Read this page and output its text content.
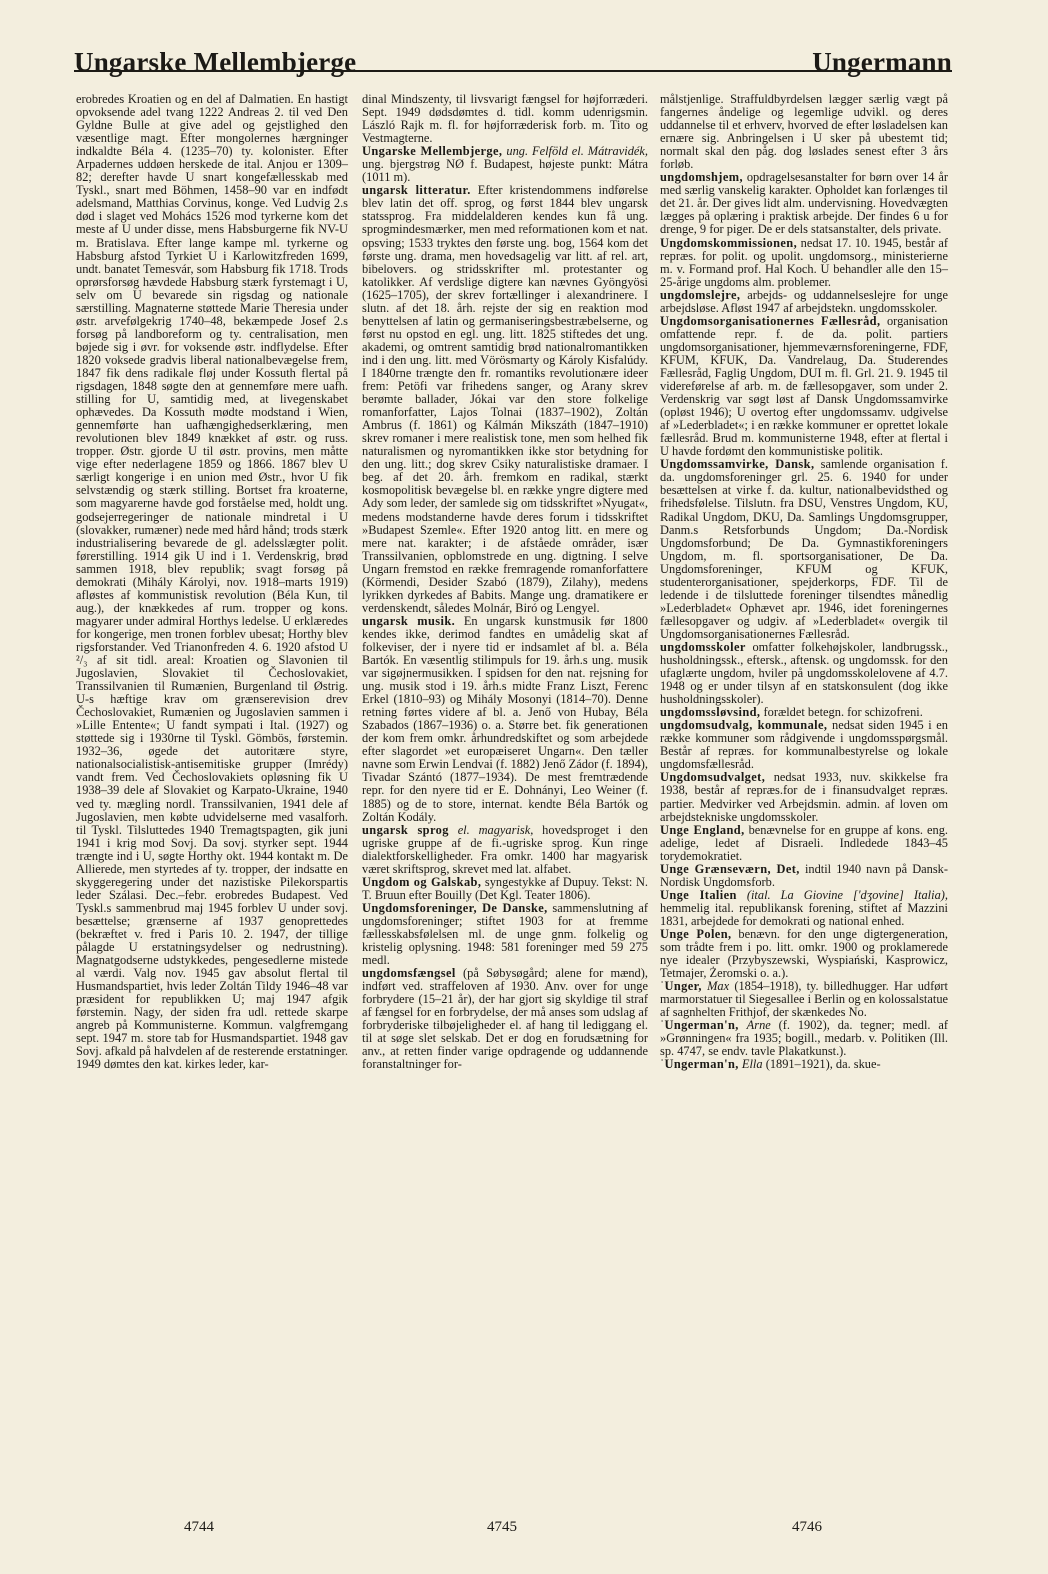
Ungarske Mellembjerge	Ungermann

erobredes Kroatien og en del af Dalmatien. En hastigt opvoksende adel tvang 1222 Andreas 2. til ved Den Gyldne Bulle at give adel og gejstlighed den væsentlige magt. Efter mongolernes hærgninger indkaldte Béla 4. (1235–70) ty. kolonister. Efter Arpadernes uddøen herskede de ital. Anjou er 1309–82; derefter havde U snart kongefællesskab med Tyskl., snart med Böhmen, 1458–90 var en indfødt adelsmand, Matthias Corvinus, konge. Ved Ludvig 2.s død i slaget ved Mohács 1526 mod tyrkerne kom det meste af U under disse, mens Habsburgerne fik NV-U m. Bratislava. Efter lange kampe ml. tyrkerne og Habsburg afstod Tyrkiet U i Karlowitzfreden 1699, undt. banatet Temesvár, som Habsburg fik 1718. Trods oprørsforsøg hævdede Habsburg stærk fyrstemagt i U, selv om U bevarede sin rigsdag og nationale særstilling. Magnaterne støttede Marie Theresia under østr. arvefølgekrig 1740–48, bekæmpede Josef 2.s forsøg på landboreform og ty. centralisation, men bøjede sig i øvr. for voksende østr. indflydelse. Efter 1820 voksede gradvis liberal nationalbevægelse frem, 1847 fik dens radikale fløj under Kossuth flertal på rigsdagen, 1848 søgte den at gennemføre mere uafh. stilling for U, samtidig med, at livegenskabet ophævedes. Da Kossuth mødte modstand i Wien, gennemførte han uafhængighedserklæring, men revolutionen blev 1849 knækket af østr. og russ. tropper. Østr. gjorde U til østr. provins, men måtte vige efter nederlagene 1859 og 1866. 1867 blev U særligt kongerige i en union med Østr., hvor U fik selvstændig og stærk stilling. Bortset fra kroaterne, som magyarerne havde god forståelse med, holdt ung. godsejerregeringer de nationale mindretal i U (slovakker, rumæner) nede med hård hånd; trods stærk industrialisering bevarede de gl. adelsslægter polit. førerstilling. 1914 gik U ind i 1. Verdenskrig, brød sammen 1918, blev republik; svagt forsøg på demokrati (Mihály Károlyi, nov. 1918–marts 1919) afløstes af kommunistisk revolution (Béla Kun, til aug.), der knækkedes af rum. tropper og kons. magyarer under admiral Horthys ledelse. U erklæredes for kongerige, men tronen forblev ubesat; Horthy blev rigsforstander. Ved Trianonfreden 4. 6. 1920 afstod U ²/₃ af sit tidl. areal: Kroatien og Slavonien til Jugoslavien, Slovakiet til Čechoslovakiet, Transsilvanien til Rumænien, Burgenland til Østrig. U-s hæftige krav om grænserevision drev Čechoslovakiet, Rumænien og Jugoslavien sammen i »Lille Entente«; U fandt sympati i Ital. (1927) og støttede sig i 1930rne til Tyskl. Gömbös, førstemin. 1932–36, øgede det autoritære styre, nationalsocialistisk-antisemitiske grupper (Imrédy) vandt frem. Ved Čechoslovakiets opløsning fik U 1938–39 dele af Slovakiet og Karpato-Ukraine, 1940 ved ty. mægling nordl. Transsilvanien, 1941 dele af Jugoslavien, men købte udvidelserne med vasalforh. til Tyskl. Tilsluttedes 1940 Tremagtspagten, gik juni 1941 i krig mod Sovj. Da sovj. styrker sept. 1944 trængte ind i U, søgte Horthy okt. 1944 kontakt m. De Allierede, men styrtedes af ty. tropper, der indsatte en skyggeregering under det nazistiske Pilekorspartis leder Szálasi. Dec.–febr. erobredes Budapest. Ved Tyskl.s sammenbrud maj 1945 forblev U under sovj. besættelse; grænserne af 1937 genoprettedes (bekræftet v. fred i Paris 10. 2. 1947, der tillige pålagde U erstatningsydelser og nedrustning). Magnatgodserne udstykkedes, pengesedlerne mistede al værdi. Valg nov. 1945 gav absolut flertal til Husmandspartiet, hvis leder Zoltán Tildy 1946–48 var præsident for republikken U; maj 1947 afgik førstemin. Nagy, der siden fra udl. rettede skarpe angreb på Kommunisterne. Kommun. valgfremgang sept. 1947 m. store tab for Husmandspartiet. 1948 gav Sovj. afkald på halvdelen af de resterende erstatninger. 1949 dømtes den kat. kirkes leder, kar-

dinal Mindszenty, til livsvarigt fængsel for højforræderi. Sept. 1949 dødsdømtes d. tidl. komm udenrigsmin. László Rajk m. fl. for højforræderisk forb. m. Tito og Vestmagterne.

Ungarske Mellembjerge, ung. Felföld el. Mátravidék, ung. bjergstrøg NØ f. Budapest, højeste punkt: Mátra (1011 m).

ungarsk litteratur. Efter kristendommens indførelse blev latin det off. sprog, og først 1844 blev ungarsk statssprog. Fra middelalderen kendes kun få ung. sprogmindesmærker, men med reformationen kom et nat. opsving; 1533 tryktes den første ung. bog, 1564 kom det første ung. drama, men hovedsagelig var litt. af rel. art, bibelovers. og stridsskrifter ml. protestanter og katolikker. Af verdslige digtere kan nævnes Gyöngyösi (1625–1705), der skrev fortællinger i alexandrinere. I slutn. af det 18. årh. rejste der sig en reaktion mod benyttelsen af latin og germaniseringsbestræbelserne, og først nu opstod en egl. ung. litt. 1825 stiftedes det ung. akademi, og omtrent samtidig brød nationalromantikken ind i den ung. litt. med Vörösmarty og Károly Kisfalúdy. I 1840rne trængte den fr. romantiks revolutionære ideer frem: Petöfi var frihedens sanger, og Arany skrev berømte ballader, Jókai var den store folkelige romanforfatter, Lajos Tolnai (1837–1902), Zoltán Ambrus (f. 1861) og Kálmán Mikszáth (1847–1910) skrev romaner i mere realistisk tone, men som helhed fik naturalismen og nyromantikken ikke stor betydning for den ung. litt.; dog skrev Csiky naturalistiske dramaer. I beg. af det 20. årh. fremkom en radikal, stærkt kosmopolitisk bevægelse bl. en række yngre digtere med Ady som leder, der samlede sig om tidsskriftet »Nyugat«, medens modstanderne havde deres forum i tidsskriftet »Budapest Szemle«. Efter 1920 antog litt. en mere og mere nat. karakter; i de afståede områder, især Transsilvanien, opblomstrede en ung. digtning. I selve Ungarn fremstod en række fremragende romanforfattere (Körmendi, Desider Szabó (1879), Zilahy), medens lyrikken dyrkedes af Babits. Mange ung. dramatikere er verdenskendt, således Molnár, Biró og Lengyel.

ungarsk musik. En ungarsk kunstmusik før 1800 kendes ikke, derimod fandtes en umådelig skat af folkeviser, der i nyere tid er indsamlet af bl. a. Béla Bartók. En væsentlig stilimpuls for 19. årh.s ung. musik var sigøjnermusikken. I spidsen for den nat. rejsning for ung. musik stod i 19. årh.s midte Franz Liszt, Ferenc Erkel (1810–93) og Mihály Mosonyi (1814–70). Denne retning førtes videre af bl. a. Jenő von Hubay, Béla Szabados (1867–1936) o. a. Større bet. fik generationen der kom frem omkr. århundredskiftet og som arbejdede efter slagordet »et europæiseret Ungarn«. Den tæller navne som Erwin Lendvai (f. 1882) Jenő Zádor (f. 1894), Tivadar Szántó (1877–1934). De mest fremtrædende repr. for den nyere tid er E. Dohnányi, Leo Weiner (f. 1885) og de to store, internat. kendte Béla Bartók og Zoltán Kodály.

ungarsk sprog el. magyarisk, hovedsproget i den ugriske gruppe af de fi.-ugriske sprog. Kun ringe dialektforskelligheder. Fra omkr. 1400 har magyarisk været skriftsprog, skrevet med lat. alfabet.

Ungdom og Galskab, syngestykke af Dupuy. Tekst: N. T. Bruun efter Bouilly (Det Kgl. Teater 1806).

Ungdomsforeninger, De Danske, sammenslutning af ungdomsforeninger; stiftet 1903 for at fremme fællesskabsfølelsen ml. de unge gnm. folkelig og kristelig oplysning. 1948: 581 foreninger med 59 275 medl.

ungdomsfængsel (på Søbysøgård; alene for mænd), indført ved. straffeloven af 1930. Anv. over for unge forbrydere (15–21 år), der har gjort sig skyldige til straf af fængsel for en forbrydelse, der må anses som udslag af forbryderiske tilbøjeligheder el. af hang til lediggang el. til at søge slet selskab. Det er dog en forudsætning for anv., at retten finder varige opdragende og uddannende foranstaltninger for-

målstjenlige. Straffuldbyrdelsen lægger særlig vægt på fangernes åndelige og legemlige udvikl. og deres uddannelse til et erhverv, hvorved de efter løsladelsen kan ernære sig. Anbringelsen i U sker på ubestemt tid; normalt skal den påg. dog løslades senest efter 3 års forløb.

ungdomshjem, opdragelsesanstalter for børn over 14 år med særlig vanskelig karakter. Opholdet kan forlænges til det 21. år. Der gives lidt alm. undervisning. Hovedvægten lægges på oplæring i praktisk arbejde. Der findes 6 u for drenge, 9 for piger. De er dels statsanstalter, dels private.

Ungdomskommissionen, nedsat 17. 10. 1945, består af repræs. for polit. og upolit. ungdomsorg., ministerierne m. v. Formand prof. Hal Koch. U behandler alle den 15–25-årige ungdoms alm. problemer.

ungdomslejre, arbejds- og uddannelseslejre for unge arbejdsløse. Afløst 1947 af arbejdstekn. ungdomsskoler.

Ungdomsorganisationernes Fællesråd, organisation omfattende repr. f. de da. polit. partiers ungdomsorganisationer, hjemmeværnsforeningerne, FDF, KFUM, KFUK, Da. Vandrelaug, Da. Studerendes Fællesråd, Faglig Ungdom, DUI m. fl. Grl. 21. 9. 1945 til videreførelse af arb. m. de fællesopgaver, som under 2. Verdenskrig var søgt løst af Dansk Ungdomssamvirke (opløst 1946); U overtog efter ungdomssamv. udgivelse af »Lederbladet«; i en række kommuner er oprettet lokale fællesråd. Brud m. kommunisterne 1948, efter at flertal i U havde fordømt den kommunistiske politik.

Ungdomssamvirke, Dansk, samlende organisation f. da. ungdomsforeninger grl. 25. 6. 1940 for under besættelsen at virke f. da. kultur, nationalbevidsthed og frihedsfølelse. Tilslutn. fra DSU, Venstres Ungdom, KU, Radikal Ungdom, DKU, Da. Samlings Ungdomsgrupper, Danm.s Retsforbunds Ungdom; Da.-Nordisk Ungdomsforbund; De Da. Gymnastikforeningers Ungdom, m. fl. sportsorganisationer, De Da. Ungdomsforeninger, KFUM og KFUK, studenterorganisationer, spejderkorps, FDF. Til de ledende i de tilsluttede foreninger tilsendtes månedlig »Lederbladet« Ophævet apr. 1946, idet foreningernes fællesopgaver og udgiv. af »Lederbladet« overgik til Ungdomsorganisationernes Fællesråd.

ungdomsskoler omfatter folkehøjskoler, landbrugssk., husholdningssk., eftersk., aftensk. og ungdomssk. for den ufaglærte ungdom, hviler på ungdomsskolelovene af 4.7. 1948 og er under tilsyn af en statskonsulent (dog ikke husholdningsskoler).

ungdomssløvsind, forældet betegn. for schizofreni.

ungdomsudvalg, kommunale, nedsat siden 1945 i en række kommuner som rådgivende i ungdomsspørgsmål. Består af repræs. for kommunalbestyrelse og lokale ungdomsfællesråd.

Ungdomsudvalget, nedsat 1933, nuv. skikkelse fra 1938, består af repræs.for de i finansudvalget repræs. partier. Medvirker ved Arbejdsmin. admin. af loven om arbejdstekniske ungdomsskoler.

Unge England, benævnelse for en gruppe af kons. eng. adelige, ledet af Disraeli. Indledede 1843–45 torydemokratiet.

Unge Grænseværn, Det, indtil 1940 navn på Dansk-Nordisk Ungdomsforb.

Unge Italien (ital. La Giovine ['dʒovine] Italia), hemmelig ital. republikansk forening, stiftet af Mazzini 1831, arbejdede for demokrati og national enhed.

Unge Polen, benævn. for den unge digtergeneration, som trådte frem i po. litt. omkr. 1900 og proklamerede nye idealer (Przybyszewski, Wyspiański, Kasprowicz, Tetmajer, Żeromski o. a.).

ˈUnger, Max (1854–1918), ty. billedhugger. Har udført marmorstatuer til Siegesallee i Berlin og en kolossalstatue af sagnhelten Frithjof, der skænkedes No.

ˈUngerman'n, Arne (f. 1902), da. tegner; medl. af »Grønningen« fra 1935; bogill., medarb. v. Politiken (Ill. sp. 4747, se endv. tavle Plakatkunst.).

ˈUngerman'n, Ella (1891–1921), da. skue-

4744	4745	4746
